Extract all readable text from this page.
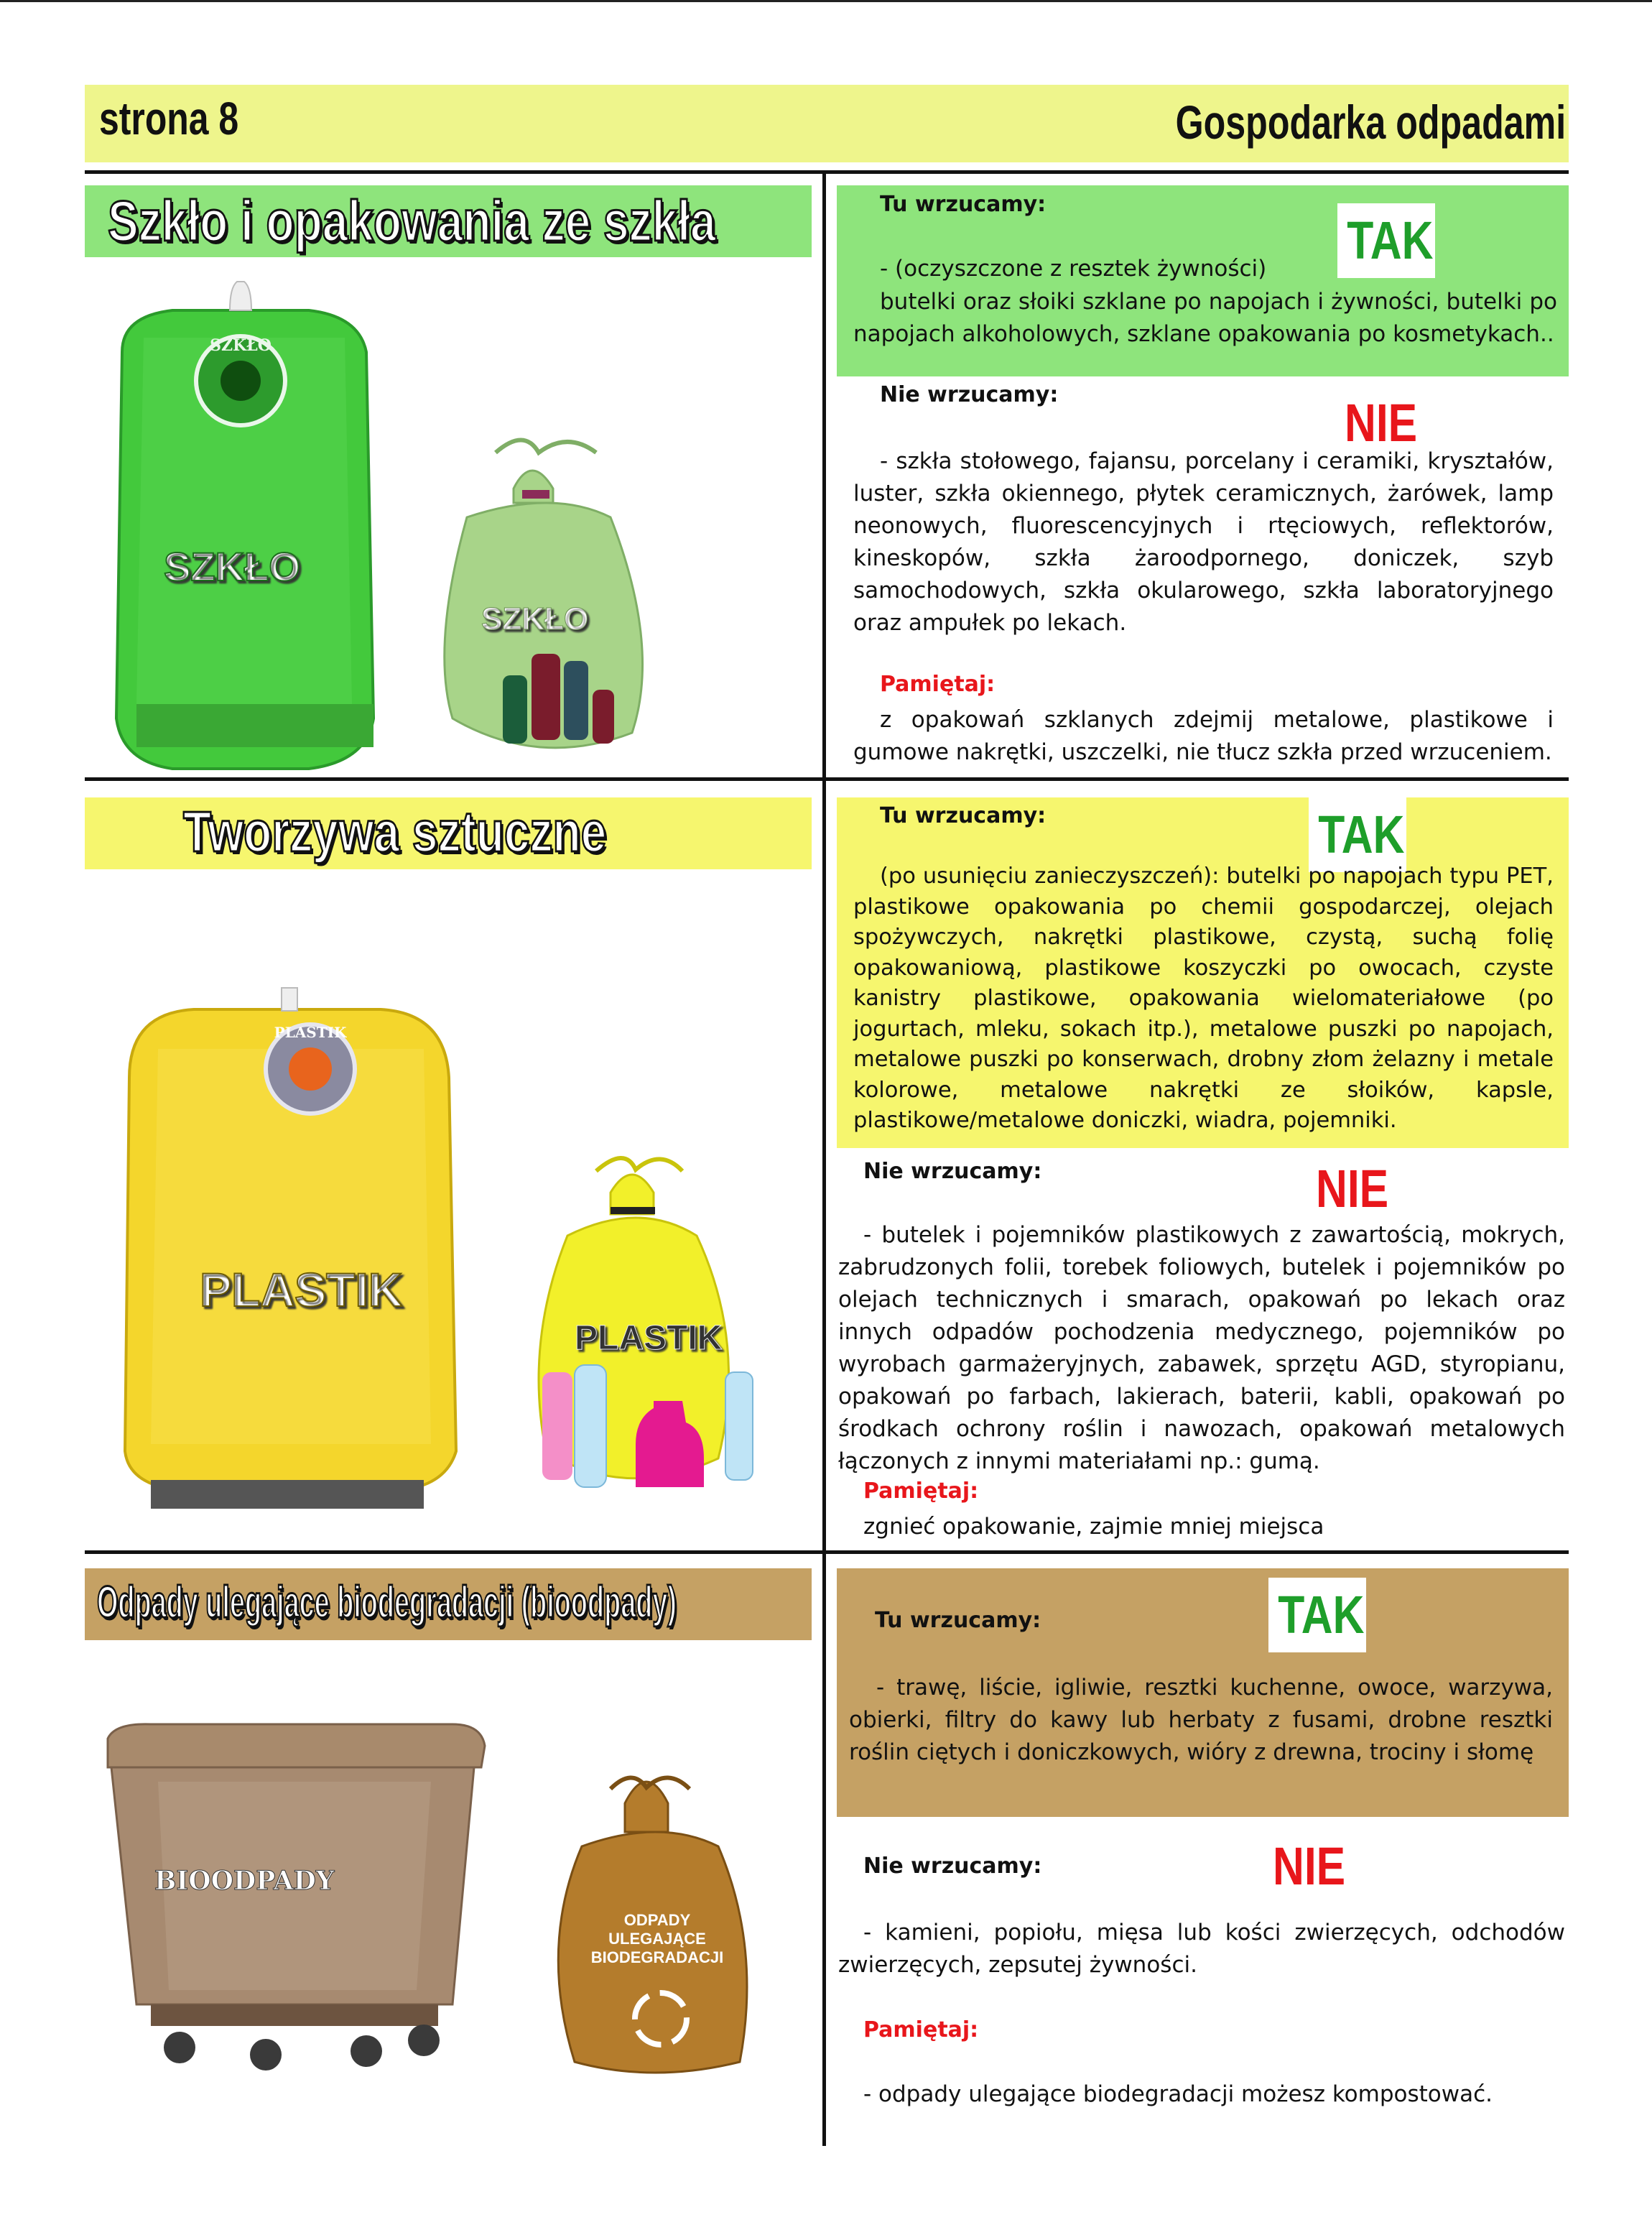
strona 8	Gospodarka odpadami
Szkło i opakowania ze szkła
SZKŁO
SZKŁO
SZKŁO
Tu wrzucamy:
TAK
- (oczyszczone z resztek żywności)
butelki oraz słoiki szklane po napojach i żywności, butelki po napojach alkoholowych, szklane opakowania po kosmetykach..
Nie wrzucamy:	NIE
- szkła stołowego, fajansu, porcelany i ceramiki, kryształów, luster, szkła okiennego, płytek ceramicznych, żarówek, lamp neonowych, fluorescencyjnych i rtęciowych, reflektorów, kineskopów, szkła żaroodpornego, doniczek, szyb samochodowych, szkła okularowego, szkła laboratoryjnego oraz ampułek po lekach.
Pamiętaj:
z opakowań szklanych zdejmij metalowe, plastikowe i gumowe nakrętki, uszczelki, nie tłucz szkła przed wrzuceniem.
Tworzywa sztuczne
PLASTIK
PLASTIK
PLASTIK
Tu wrzucamy:	TAK
(po usunięciu zanieczyszczeń): butelki po napojach typu PET, plastikowe opakowania po chemii gospodarczej, olejach spożywczych, nakrętki plastikowe, czystą, suchą folię opakowaniową, plastikowe koszyczki po owocach, czyste kanistry plastikowe, opakowania wielomateriałowe (po jogurtach, mleku, sokach itp.), metalowe puszki po napojach, metalowe puszki po konserwach, drobny złom żelazny i metale kolorowe, metalowe nakrętki ze słoików, kapsle, plastikowe/metalowe doniczki, wiadra, pojemniki.
Nie wrzucamy:	NIE
- butelek i pojemników plastikowych z zawartością, mokrych, zabrudzonych folii, torebek foliowych, butelek i pojemników po olejach technicznych i smarach, opakowań po lekach oraz innych odpadów pochodzenia medycznego, pojemników po wyrobach garmażeryjnych, zabawek, sprzętu AGD, styropianu, opakowań po farbach, lakierach, baterii, kabli, opakowań po środkach ochrony roślin i nawozach, opakowań metalowych łączonych z innymi materiałami np.: gumą.
Pamiętaj:
zgnieć opakowanie, zajmie mniej miejsca
Odpady ulegające biodegradacji (bioodpady)
BIOODPADY
ODPADY
ULEGAJĄCE
BIODEGRADACJI
Tu wrzucamy:	TAK
- trawę, liście, igliwie, resztki kuchenne, owoce, warzywa, obierki, filtry do kawy lub herbaty z fusami, drobne resztki roślin ciętych i doniczkowych, wióry z drewna, trociny i słomę
Nie wrzucamy:	NIE
- kamieni, popiołu, mięsa lub kości zwierzęcych, odchodów zwierzęcych, zepsutej żywności.
Pamiętaj:
- odpady ulegające biodegradacji możesz kompostować.
